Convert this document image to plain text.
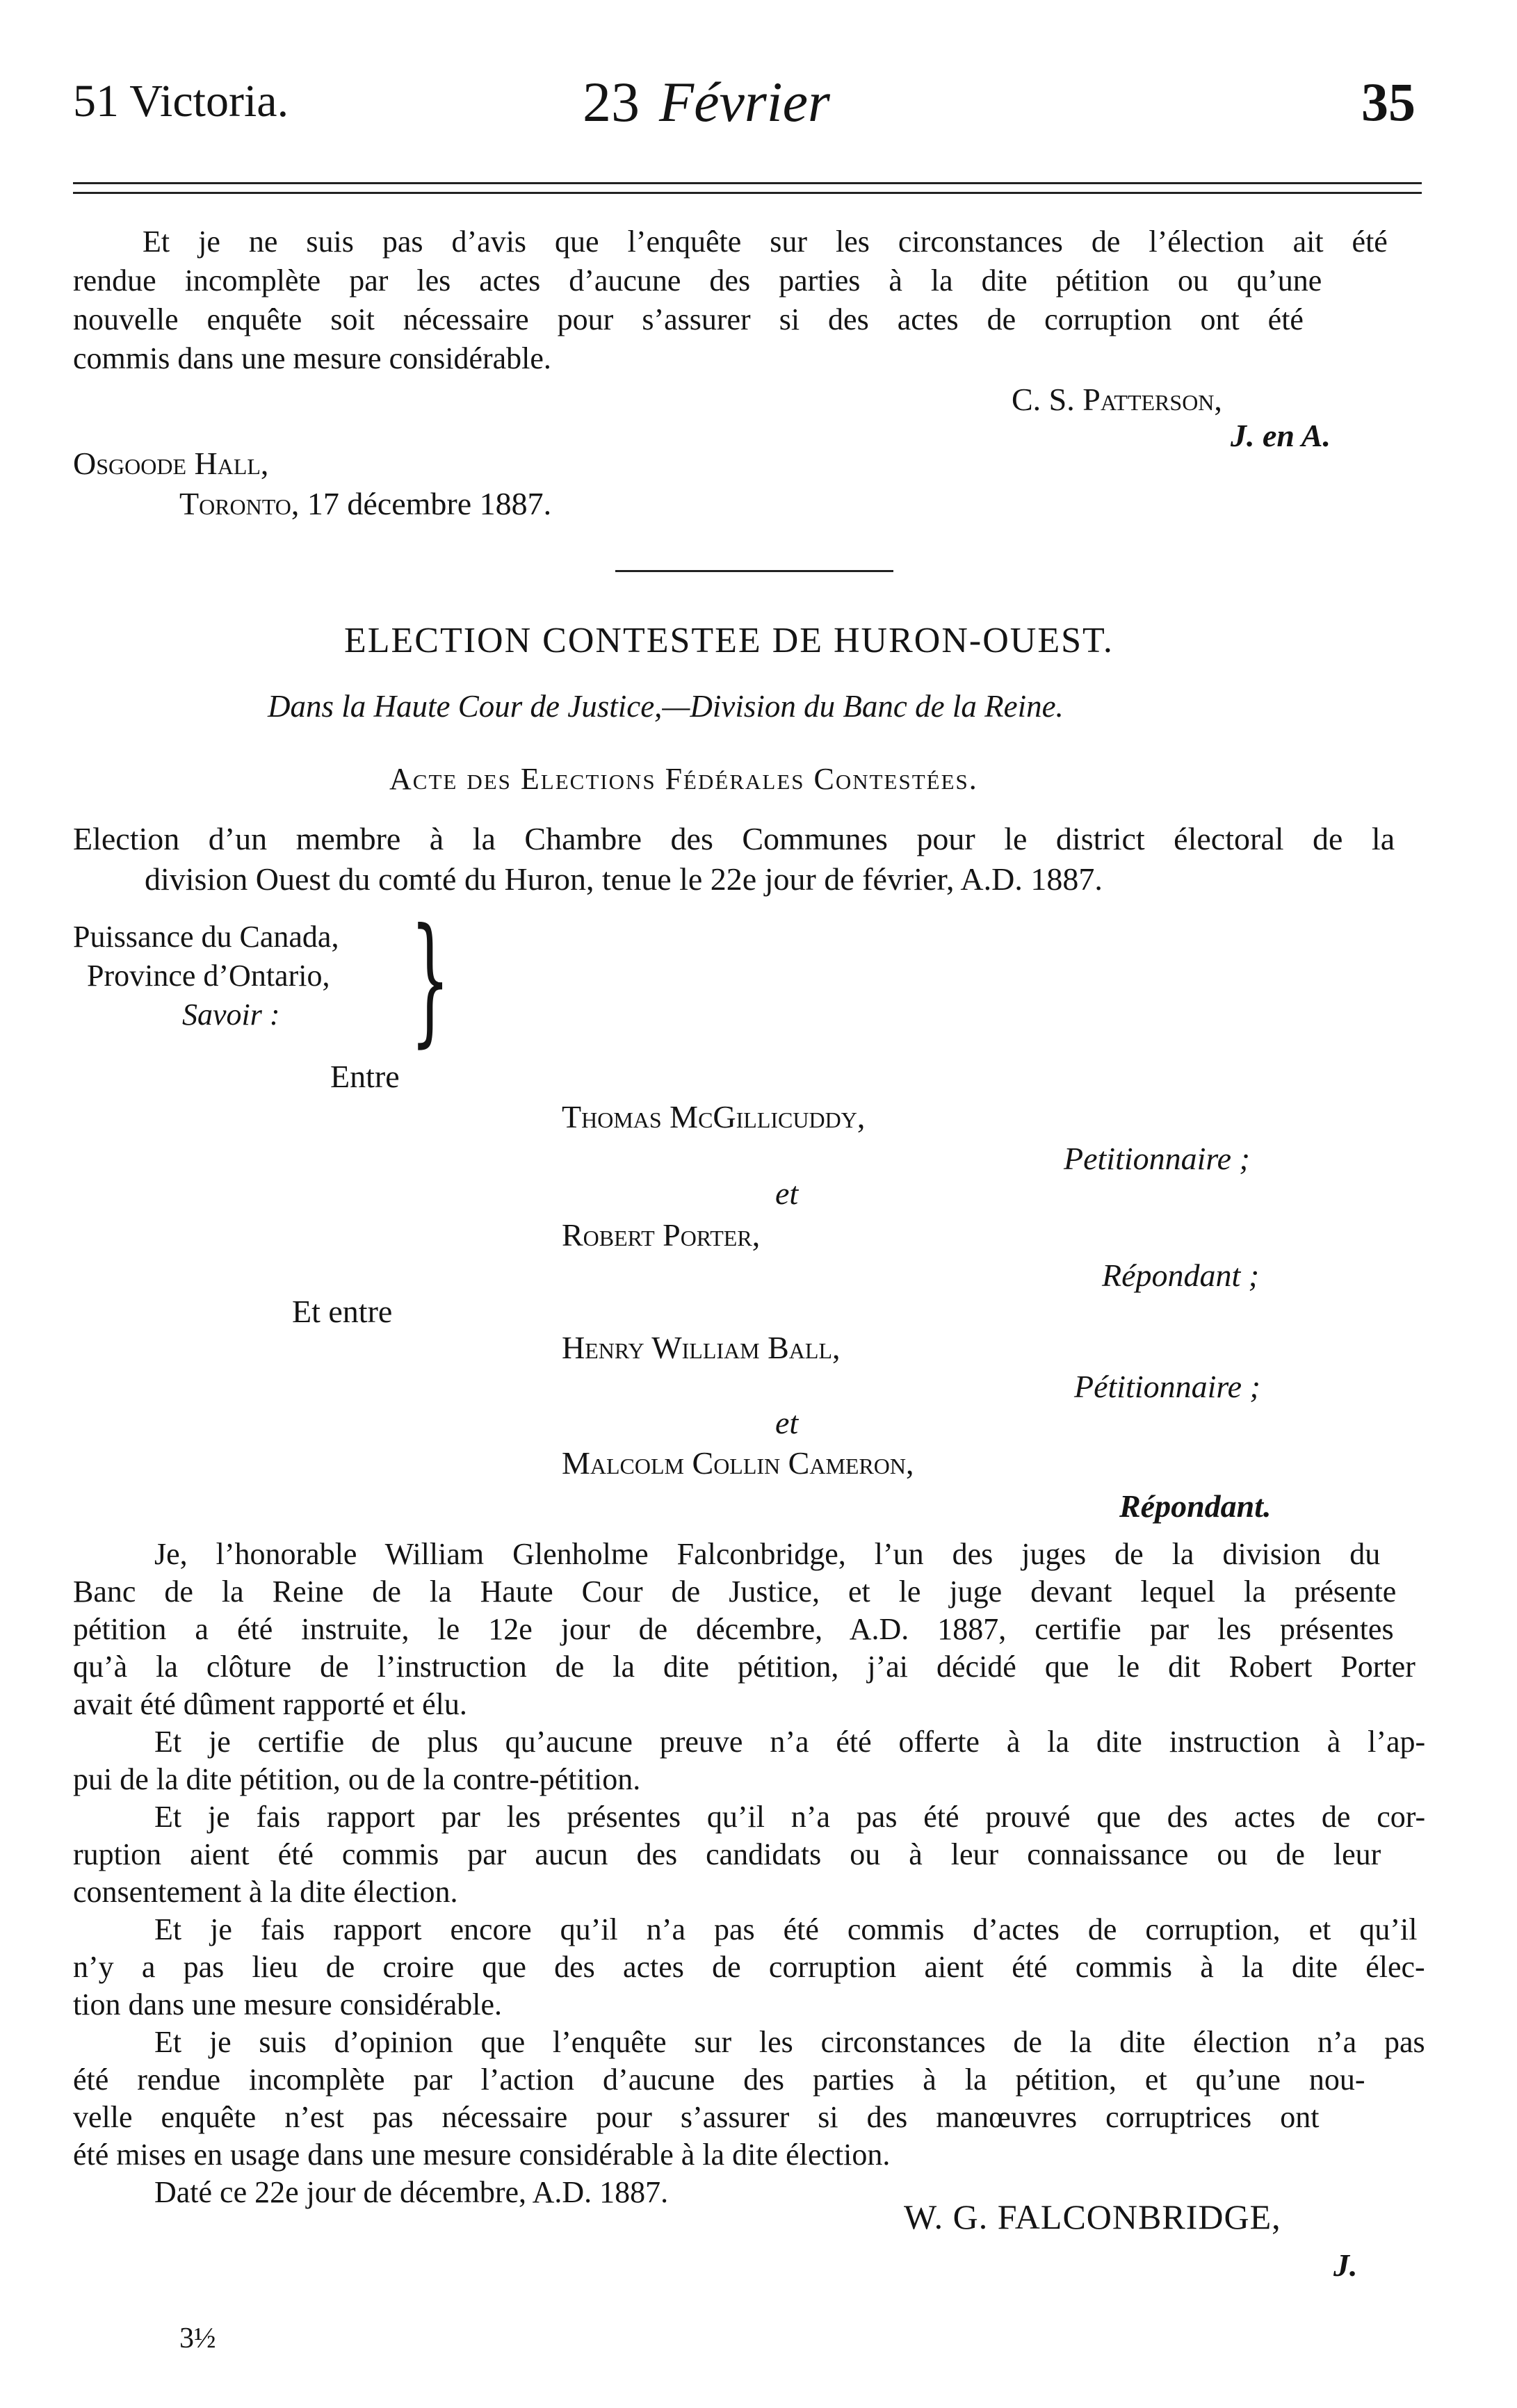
51 Victoria.	23 Février	35
Et je ne suis pas d’avis que l’enquête sur les circonstances de l’élection ait été
rendue incomplète par les actes d’aucune des parties à la dite pétition ou qu’une
nouvelle enquête soit nécessaire pour s’assurer si des actes de corruption ont été
commis dans une mesure considérable.
C. S. Patterson,
J. en A.
Osgoode Hall,
Toronto, 17 décembre 1887.
ELECTION CONTESTEE DE HURON-OUEST.
Dans la Haute Cour de Justice,—Division du Banc de la Reine.
Acte des Elections Fédérales Contestées.
Election d’un membre à la Chambre des Communes pour le district électoral de la
division Ouest du comté du Huron, tenue le 22e jour de février, A.D. 1887.
Puissance du Canada,
Province d’Ontario,
Savoir : }
Entre
Thomas McGillicuddy,
Petitionnaire ;
et
Robert Porter,
Répondant ;
Et entre
Henry William Ball,
Pétitionnaire ;
et
Malcolm Collin Cameron,
Répondant.
Je, l’honorable William Glenholme Falconbridge, l’un des juges de la division du
Banc de la Reine de la Haute Cour de Justice, et le juge devant lequel la présente
pétition a été instruite, le 12e jour de décembre, A.D. 1887, certifie par les présentes
qu’à la clôture de l’instruction de la dite pétition, j’ai décidé que le dit Robert Porter
avait été dûment rapporté et élu.
Et je certifie de plus qu’aucune preuve n’a été offerte à la dite instruction à l’ap-
pui de la dite pétition, ou de la contre-pétition.
Et je fais rapport par les présentes qu’il n’a pas été prouvé que des actes de cor-
ruption aient été commis par aucun des candidats ou à leur connaissance ou de leur
consentement à la dite élection.
Et je fais rapport encore qu’il n’a pas été commis d’actes de corruption, et qu’il
n’y a pas lieu de croire que des actes de corruption aient été commis à la dite élec-
tion dans une mesure considérable.
Et je suis d’opinion que l’enquête sur les circonstances de la dite élection n’a pas
été rendue incomplète par l’action d’aucune des parties à la pétition, et qu’une nou-
velle enquête n’est pas nécessaire pour s’assurer si des manœuvres corruptrices ont
été mises en usage dans une mesure considérable à la dite élection.
Daté ce 22e jour de décembre, A.D. 1887.
W. G. FALCONBRIDGE,
J.
3½
